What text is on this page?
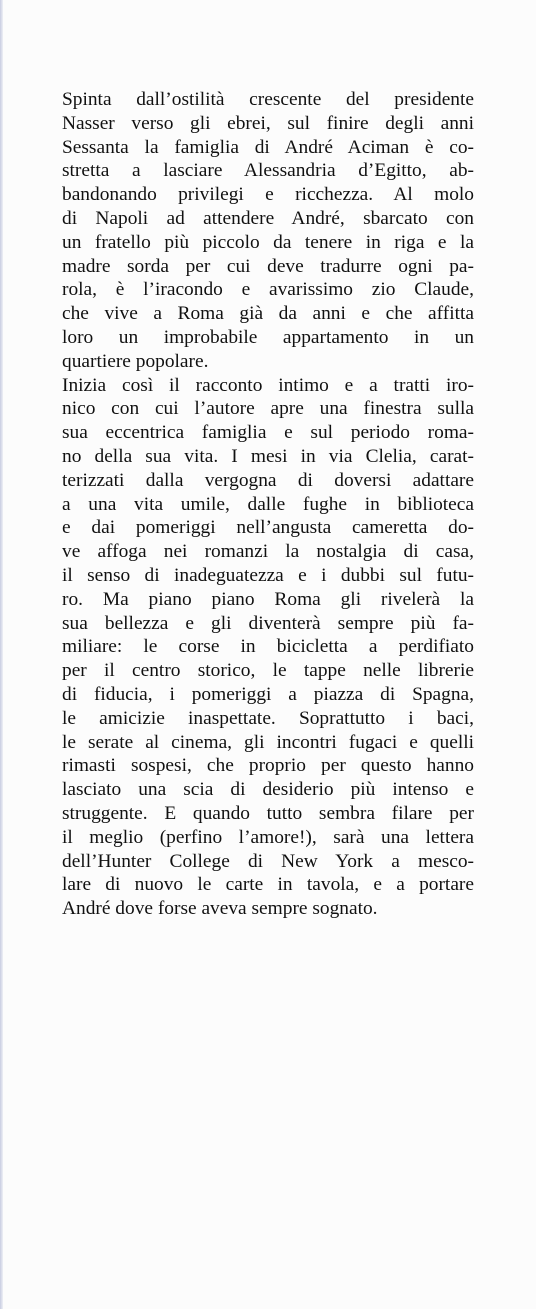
Spinta dall’ostilità crescente del presidente
Nasser verso gli ebrei, sul finire degli anni
Sessanta la famiglia di André Aciman è co-
stretta a lasciare Alessandria d’Egitto, ab-
bandonando privilegi e ricchezza. Al molo
di Napoli ad attendere André, sbarcato con
un fratello più piccolo da tenere in riga e la
madre sorda per cui deve tradurre ogni pa-
rola, è l’iracondo e avarissimo zio Claude,
che vive a Roma già da anni e che affitta
loro un improbabile appartamento in un
quartiere popolare.
Inizia così il racconto intimo e a tratti iro-
nico con cui l’autore apre una finestra sulla
sua eccentrica famiglia e sul periodo roma-
no della sua vita. I mesi in via Clelia, carat-
terizzati dalla vergogna di doversi adattare
a una vita umile, dalle fughe in biblioteca
e dai pomeriggi nell’angusta cameretta do-
ve affoga nei romanzi la nostalgia di casa,
il senso di inadeguatezza e i dubbi sul futu-
ro. Ma piano piano Roma gli rivelerà la
sua bellezza e gli diventerà sempre più fa-
miliare: le corse in bicicletta a perdifiato
per il centro storico, le tappe nelle librerie
di fiducia, i pomeriggi a piazza di Spagna,
le amicizie inaspettate. Soprattutto i baci,
le serate al cinema, gli incontri fugaci e quelli
rimasti sospesi, che proprio per questo hanno
lasciato una scia di desiderio più intenso e
struggente. E quando tutto sembra filare per
il meglio (perfino l’amore!), sarà una lettera
dell’Hunter College di New York a mesco-
lare di nuovo le carte in tavola, e a portare
André dove forse aveva sempre sognato.
